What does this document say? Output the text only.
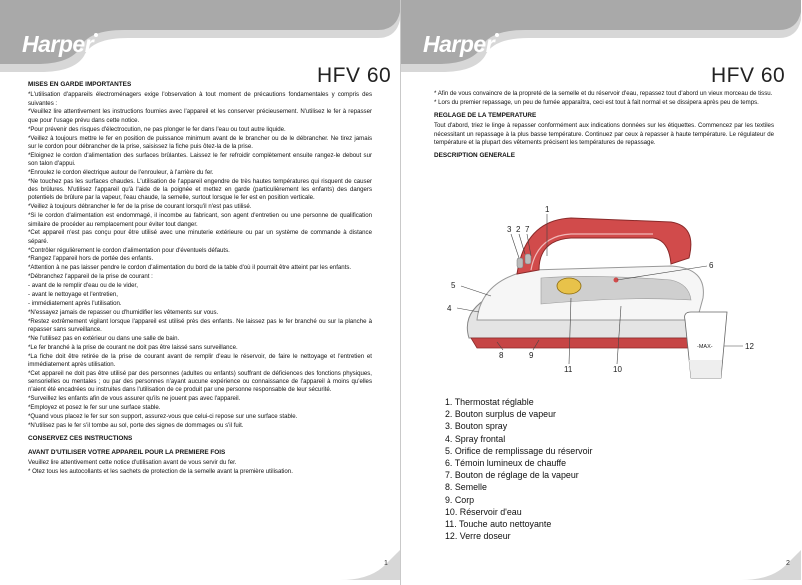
Harper
HFV 60
MISES EN GARDE IMPORTANTES
*L'utilisation d'appareils électroménagers exige l'observation à tout moment de précautions fondamentales y compris des suivantes :
*Veuillez lire attentivement les instructions fournies avec l'appareil et les conserver précieusement. N'utilisez le fer à repasser que pour l'usage prévu dans cette notice.
*Pour prévenir des risques d'électrocution, ne pas plonger le fer dans l'eau ou tout autre liquide.
*Veillez à toujours mettre le fer en position de puissance minimum avant de le brancher ou de le débrancher. Ne tirez jamais sur le cordon pour débrancher de la prise, saisissez la fiche puis ôtez-la de la prise.
*Eloignez le cordon d'alimentation des surfaces brûlantes. Laissez le fer refroidir complètement ensuite rangez-le debout sur son talon d'appui.
*Enroulez le cordon électrique autour de l'enrouleur, à l'arrière du fer.
*Ne touchez pas les surfaces chaudes. L'utilisation de l'appareil engendre de très hautes températures qui risquent de causer des brûlures. N'utilisez l'appareil qu'à l'aide de la poignée et mettez en garde (particulièrement les enfants) des dangers potentiels de brûlure par la vapeur, l'eau chaude, la semelle, surtout lorsque le fer est en position verticale.
*Veillez à toujours débrancher le fer de la prise de courant lorsqu'il n'est pas utilisé.
*Si le cordon d'alimentation est endommagé, il incombe au fabricant, son agent d'entretien ou une personne de qualification similaire de procéder au remplacement pour éviter tout danger.
*Cet appareil n'est pas conçu pour être utilisé avec une minuterie extérieure ou par un système de commande à distance séparé.
*Contrôler régulièrement le cordon d'alimentation pour d'éventuels défauts.
*Rangez l'appareil hors de portée des enfants.
*Attention à ne pas laisser pendre le cordon d'alimentation du bord de la table d'où il pourrait être atteint par les enfants.
*Débranchez l'appareil de la prise de courant :
- avant de le remplir d'eau ou de le vider,
- avant le nettoyage et l'entretien,
- immédiatement après l'utilisation.
*N'essayez jamais de repasser ou d'humidifier les vêtements sur vous.
*Restez extrêmement vigilant lorsque l'appareil est utilisé près des enfants. Ne laissez pas le fer branché ou sur la planche à repasser sans surveillance.
*Ne l'utilisez pas en extérieur ou dans une salle de bain.
*Le fer branché à la prise de courant ne doit pas être laissé sans surveillance.
*La fiche doit être retirée de la prise de courant avant de remplir d'eau le réservoir, de faire le nettoyage et l'entretien et immédiatement après utilisation.
*Cet appareil ne doit pas être utilisé par des personnes (adultes ou enfants) souffrant de déficiences des fonctions physiques, sensorielles ou mentales ; ou par des personnes n'ayant aucune expérience ou connaissance de l'appareil à moins qu'elles n'aient été encadrées ou instruites dans l'utilisation de ce produit par une personne responsable de leur sécurité.
*Surveillez les enfants afin de vous assurer qu'ils ne jouent pas avec l'appareil.
*Employez et posez le fer sur une surface stable.
*Quand vous placez le fer sur son support, assurez-vous que celui-ci repose sur une surface stable.
*N'utilisez pas le fer s'il tombe au sol, porte des signes de dommages ou s'il fuit.
CONSERVEZ CES INSTRUCTIONS
AVANT D'UTILISER VOTRE APPAREIL POUR LA PREMIERE FOIS
Veuillez lire attentivement cette notice d'utilisation avant de vous servir du fer.
* Otez tous les autocollants et les sachets de protection de la semelle avant la première utilisation.
1
Harper
HFV 60
* Afin de vous convaincre de la propreté de la semelle et du réservoir d'eau, repassez tout d'abord un vieux morceau de tissu.
* Lors du premier repassage, un peu de fumée apparaîtra, ceci est tout à fait normal et se dissipera après peu de temps.
REGLAGE DE LA TEMPERATURE
Tout d'abord, triez le linge à repasser conformément aux indications données sur les étiquettes. Commencez par les textiles nécessitant un repassage à la plus basse température. Continuez par ceux à repasser à haute température. Le régulateur de température et la plupart des vêtements précisent les températures de repassage.
DESCRIPTION GENERALE
-MAX-
1
3 2 7
5
6
4
8	9
11	10
12
1. Thermostat réglable
2. Bouton surplus de vapeur
3. Bouton spray
4. Spray frontal
5. Orifice de remplissage du réservoir
6. Témoin lumineux de chauffe
7. Bouton de réglage de la vapeur
8. Semelle
9. Corp
10. Réservoir d'eau
11. Touche auto nettoyante
12. Verre doseur
2
